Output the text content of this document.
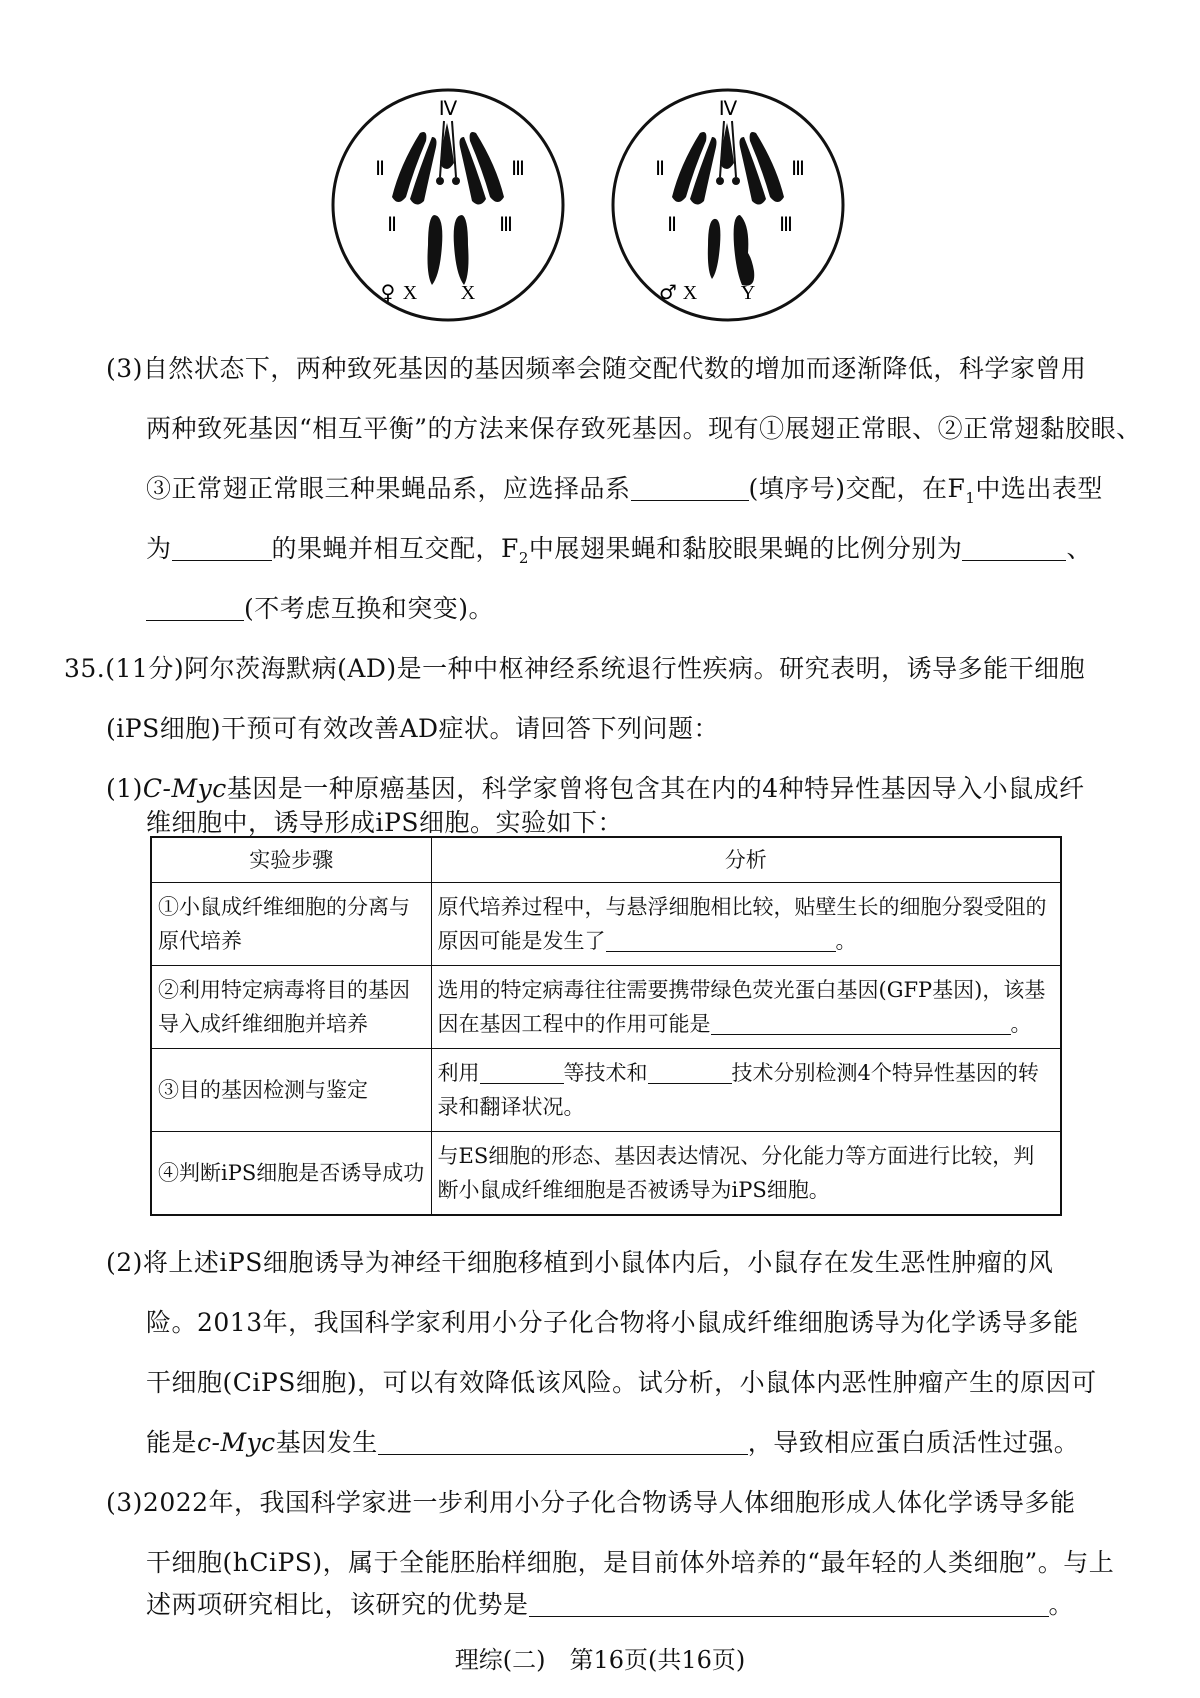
Ⅳ
Ⅱ	Ⅲ
Ⅱ	Ⅲ
♀ X X
Ⅳ
Ⅱ	Ⅲ
Ⅱ	Ⅲ
♂ X Y
(3)自然状态下，两种致死基因的基因频率会随交配代数的增加而逐渐降低，科学家曾用
两种致死基因“相互平衡”的方法来保存致死基因。现有①展翅正常眼、②正常翅黏胶眼、
③正常翅正常眼三种果蝇品系，应选择品系	(填序号)交配，在$F_1$中选出表型
为	的果蝇并相互交配，$F_2$中展翅果蝇和黏胶眼果蝇的比例分别为	、
(不考虑互换和突变)。
35.(11分)阿尔茨海默病(AD)是一种中枢神经系统退行性疾病。研究表明，诱导多能干细胞
(iPS细胞)干预可有效改善AD症状。请回答下列问题：
(1)C-Myc基因是一种原癌基因，科学家曾将包含其在内的4种特异性基因导入小鼠成纤
维细胞中，诱导形成iPS细胞。实验如下：
实验步骤	分析
①小鼠成纤维细胞的分离与原代培养	原代培养过程中，与悬浮细胞相比较，贴壁生长的细胞分裂受阻的原因可能是发生了 。
②利用特定病毒将目的基因导入成纤维细胞并培养	选用的特定病毒往往需要携带绿色荧光蛋白基因(GFP基因)，该基因在基因工程中的作用可能是 。
③目的基因检测与鉴定	利用 等技术和 技术分别检测4个特异性基因的转录和翻译状况。
④判断iPS细胞是否诱导成功	与ES细胞的形态、基因表达情况、分化能力等方面进行比较，判断小鼠成纤维细胞是否被诱导为iPS细胞。
(2)将上述iPS细胞诱导为神经干细胞移植到小鼠体内后，小鼠存在发生恶性肿瘤的风
险。2013年，我国科学家利用小分子化合物将小鼠成纤维细胞诱导为化学诱导多能
干细胞(CiPS细胞)，可以有效降低该风险。试分析，小鼠体内恶性肿瘤产生的原因可
能是c-Myc基因发生	，导致相应蛋白质活性过强。
(3)2022年，我国科学家进一步利用小分子化合物诱导人体细胞形成人体化学诱导多能
干细胞(hCiPS)，属于全能胚胎样细胞，是目前体外培养的“最年轻的人类细胞”。与上
述两项研究相比，该研究的优势是	。
理综(二)　第16页(共16页)
